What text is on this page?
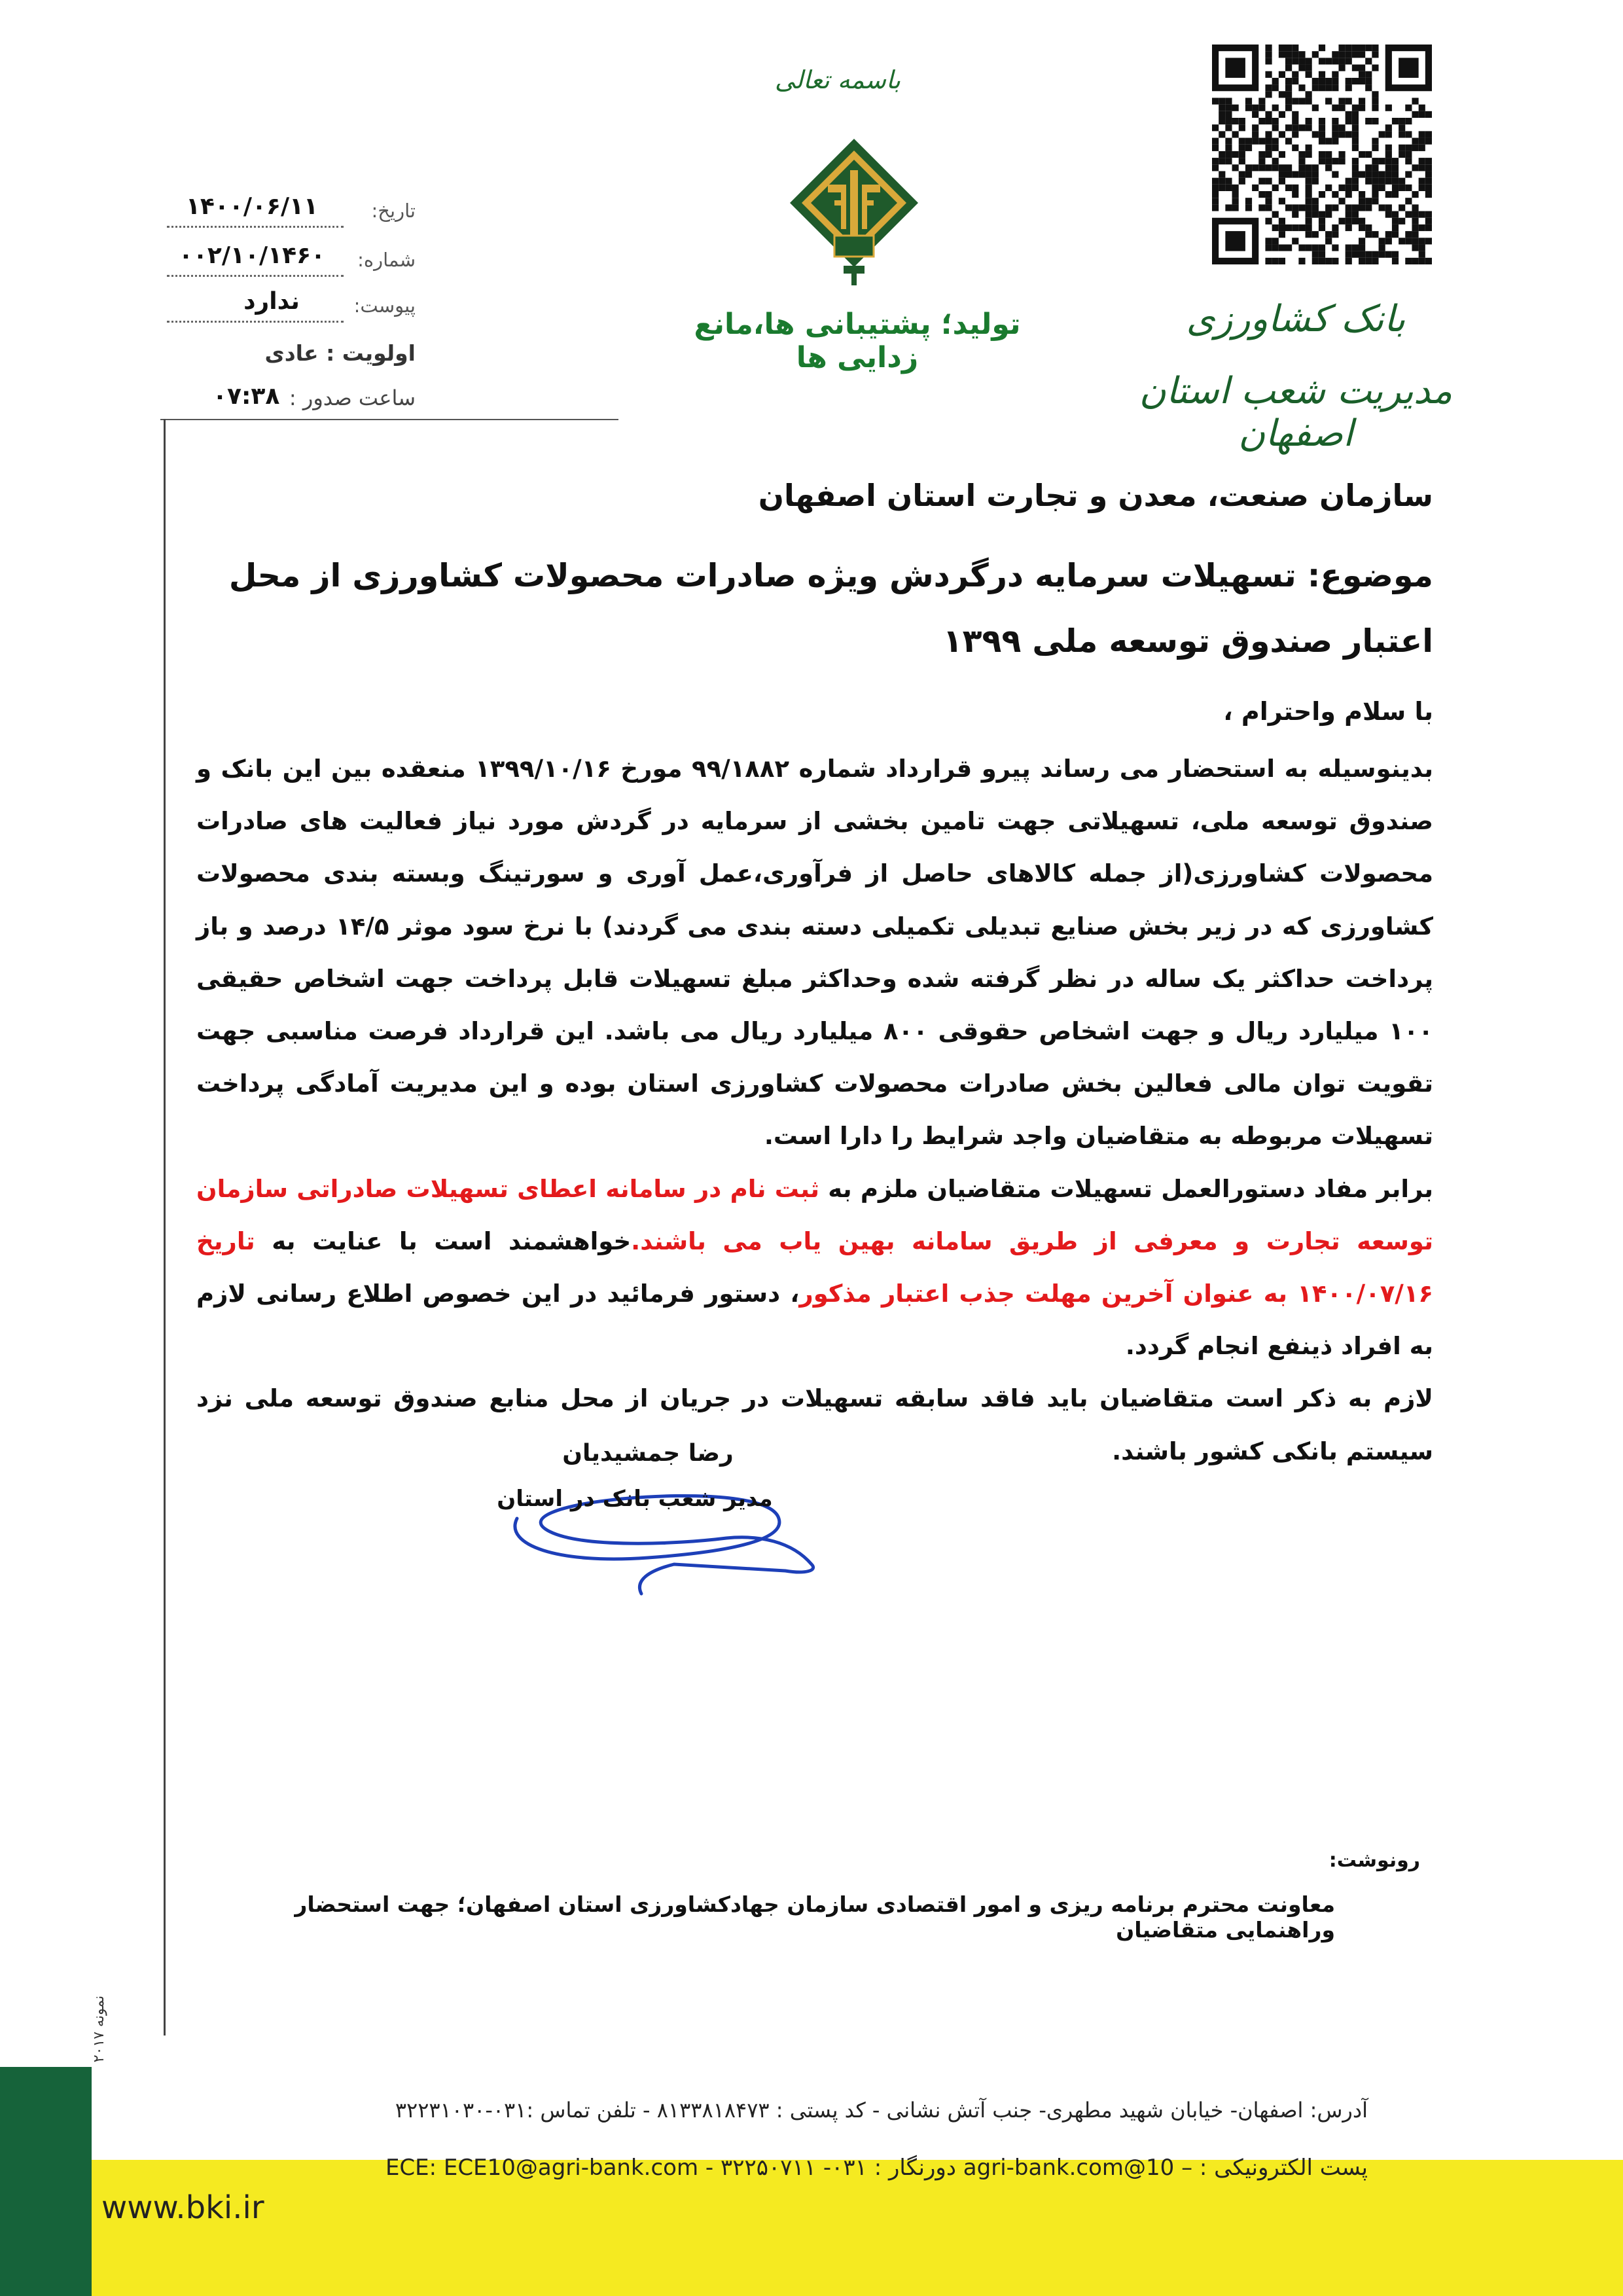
باسمه تعالی
تولید؛ پشتیبانی ها،مانع زدایی ها
بانک کشاورزی
مدیریت شعب استان اصفهان
تاریخ:
۱۴۰۰/۰۶/۱۱
شماره:
۰۰۲/۱۰/۱۴۶۰
پیوست:
ندارد
اولویت : عادی
ساعت صدور :
۰۷:۳۸
سازمان صنعت، معدن و تجارت استان اصفهان
موضوع: تسهیلات سرمایه درگردش ویژه صادرات محصولات کشاورزی از محل اعتبار صندوق توسعه ملی ۱۳۹۹
با سلام واحترام ،

بدینوسیله به استحضار می رساند پیرو قرارداد شماره ۹۹/۱۸۸۲ مورخ ۱۳۹۹/۱۰/۱۶ منعقده بین این بانک و صندوق توسعه ملی، تسهیلاتی جهت تامین بخشی از سرمایه در گردش مورد نیاز فعالیت های صادرات محصولات کشاورزی(از جمله کالاهای حاصل از فرآوری،عمل آوری و سورتینگ وبسته بندی محصولات کشاورزی که در زیر بخش صنایع تبدیلی تکمیلی دسته بندی می گردند) با نرخ سود موثر ۱۴/۵ درصد و باز پرداخت حداکثر یک ساله در نظر گرفته شده وحداکثر مبلغ تسهیلات قابل پرداخت جهت اشخاص حقیقی ۱۰۰ میلیارد ریال و جهت اشخاص حقوقی ۸۰۰ میلیارد ریال می باشد. این قرارداد فرصت مناسبی جهت تقویت توان مالی فعالین بخش صادرات محصولات کشاورزی استان بوده و این مدیریت آمادگی پرداخت تسهیلات مربوطه به متقاضیان واجد شرایط را دارا است.

برابر مفاد دستورالعمل تسهیلات متقاضیان ملزم به ثبت نام در سامانه اعطای تسهیلات صادراتی سازمان توسعه تجارت و معرفی از طریق سامانه بهین یاب می باشند.خواهشمند است با عنایت به تاریخ ۱۴۰۰/۰۷/۱۶ به عنوان آخرین مهلت جذب اعتبار مذکور، دستور فرمائید در این خصوص اطلاع رسانی لازم به افراد ذینفع انجام گردد.

لازم به ذکر است متقاضیان باید فاقد سابقه تسهیلات در جریان از محل منابع صندوق توسعه ملی نزد سیستم بانکی کشور باشند.

رضا جمشیدیان
مدیر شعب بانک در استان
رونوشت:
معاونت محترم برنامه ریزی و امور اقتصادی سازمان جهادکشاورزی استان اصفهان؛ جهت استحضار وراهنمایی متقاضیان
نمونه ۲۰۱۷
www.bki.ir
آدرس: اصفهان- خیابان شهید مطهری- جنب آتش نشانی - کد پستی : ۸۱۳۳۸۱۸۴۷۳ - تلفن تماس :۰۳۱-۳۲۲۳۱۰۳۰
پست الکترونیکی : – 10@agri-bank.com دورنگار : ۰۳۱- ۳۲۲۵۰۷۱۱ - ECE: ECE10@agri-bank.com
